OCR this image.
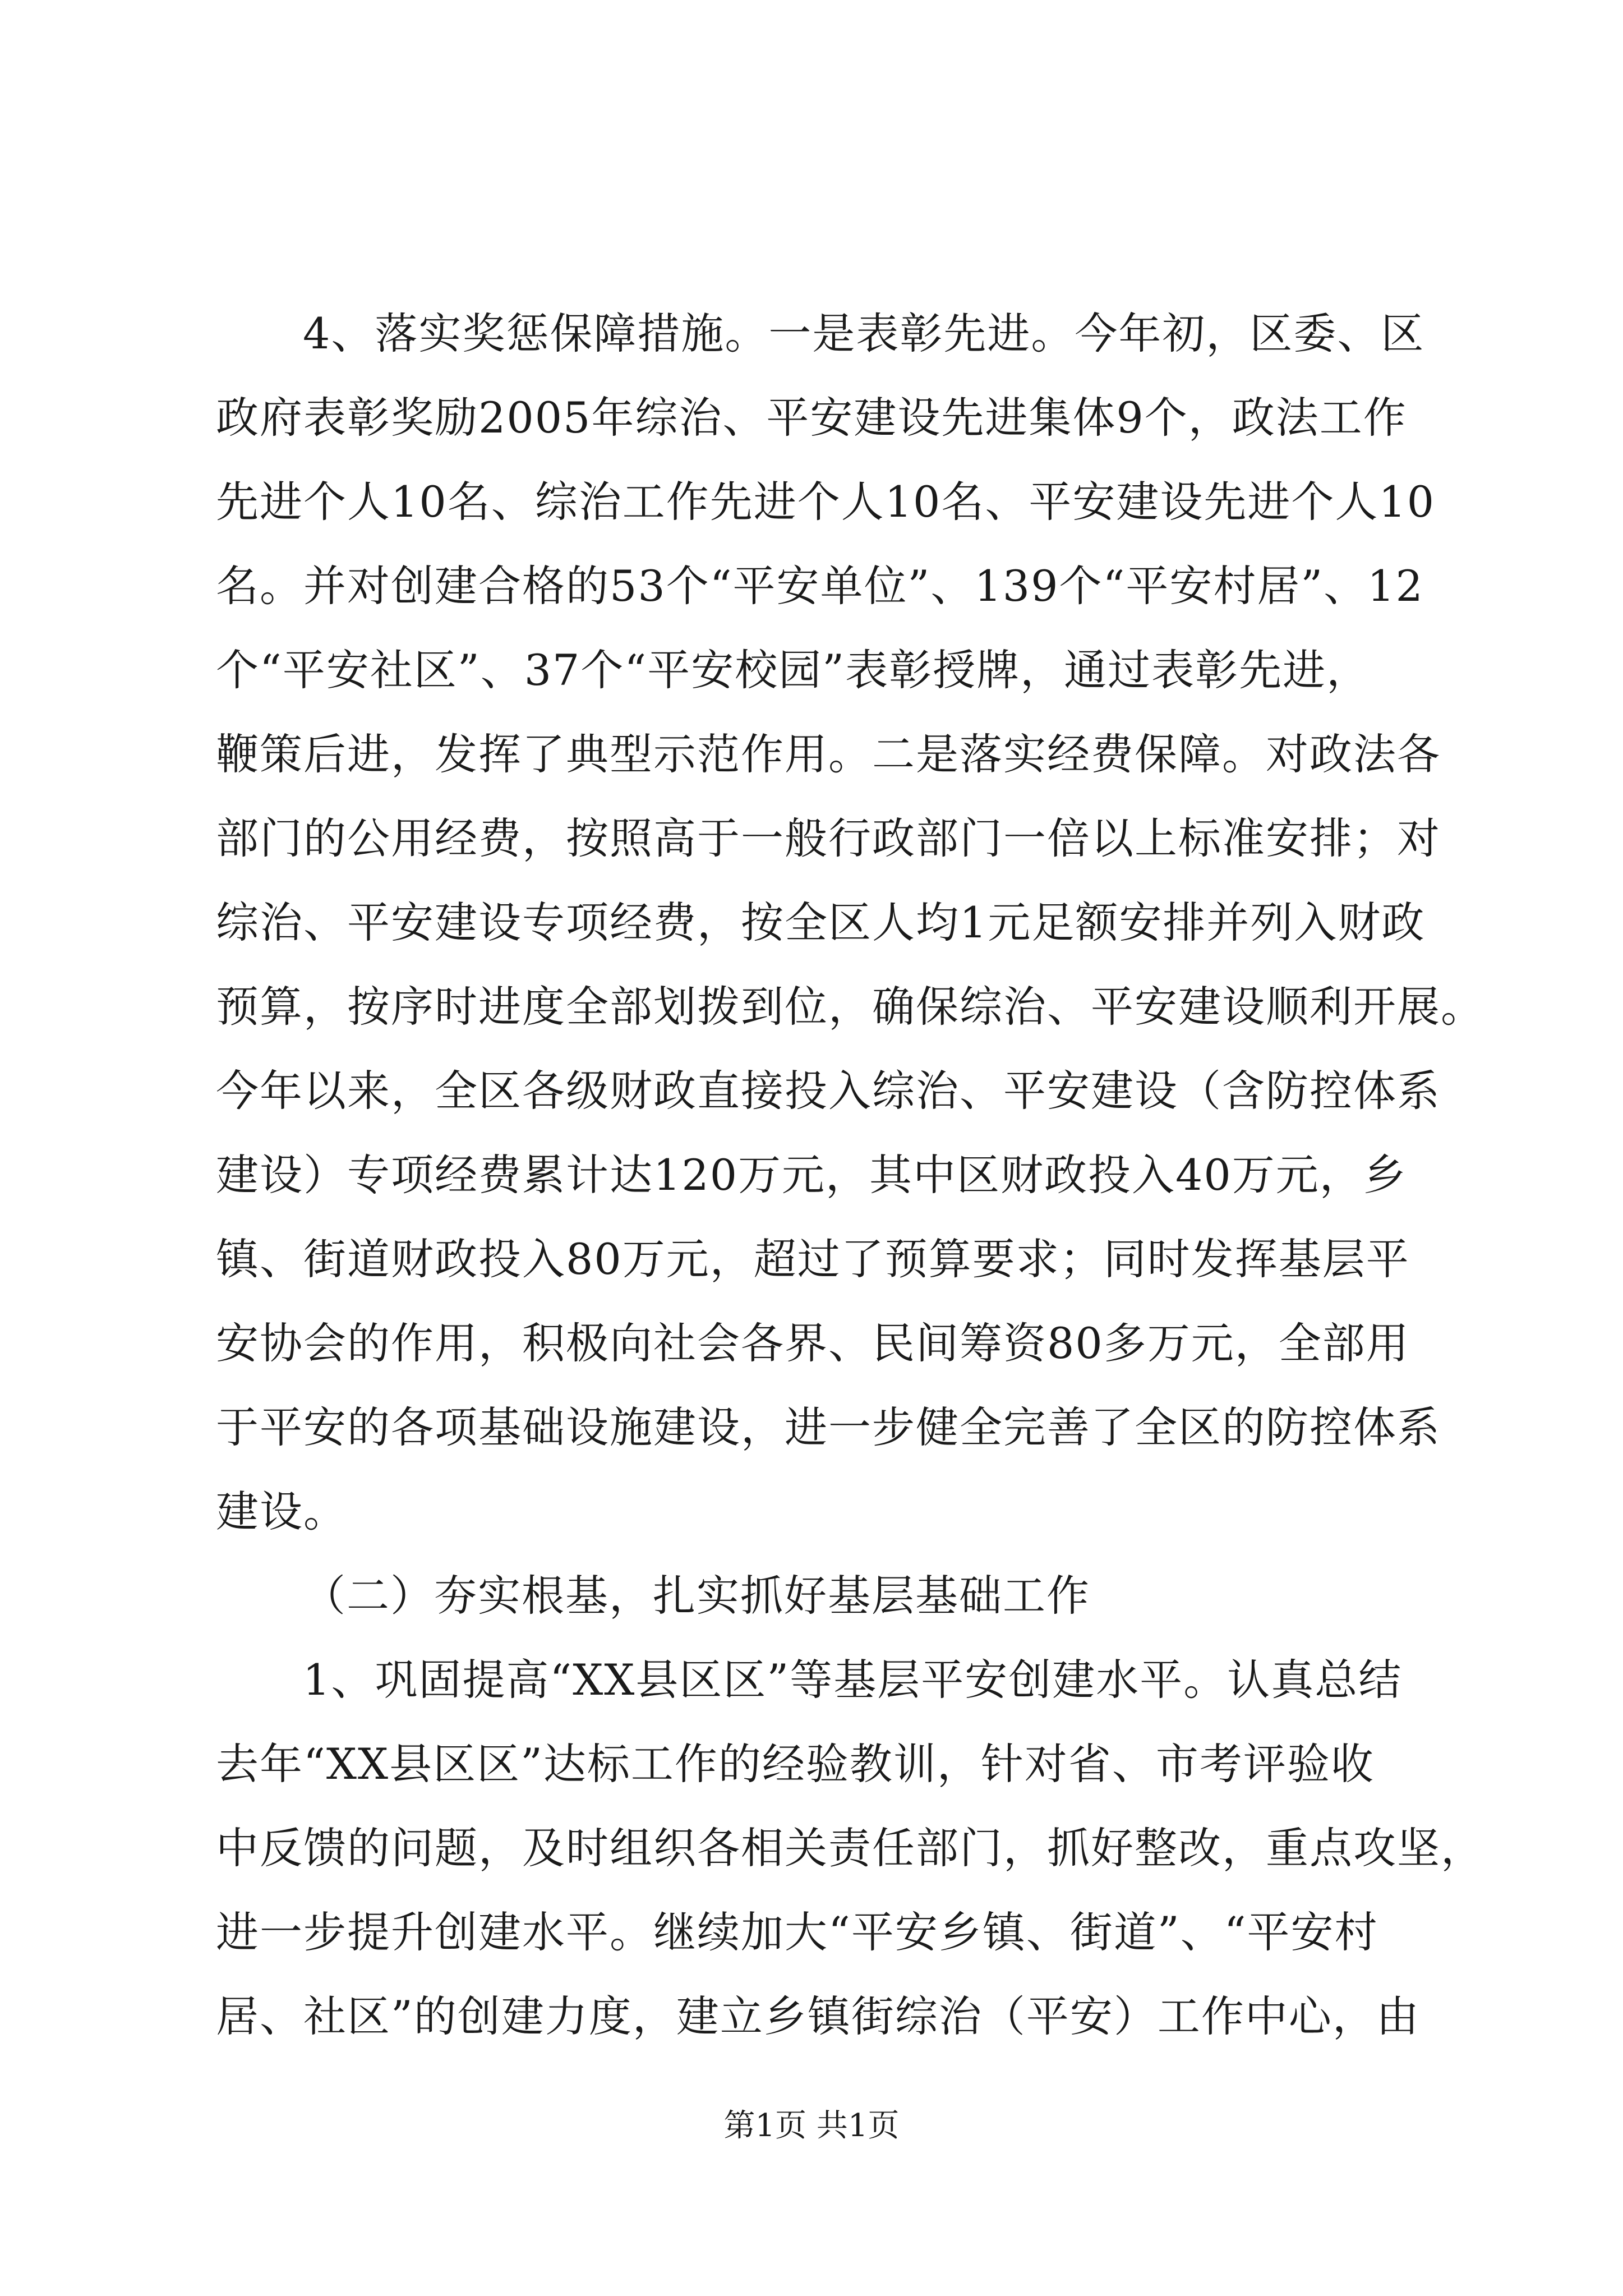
4、落实奖惩保障措施。一是表彰先进。今年初，区委、区
政府表彰奖励2005年综治、平安建设先进集体9个，政法工作
先进个人10名、综治工作先进个人10名、平安建设先进个人10
名。并对创建合格的53个“平安单位”、139个“平安村居”、12
个“平安社区”、37个“平安校园”表彰授牌，通过表彰先进，
鞭策后进，发挥了典型示范作用。二是落实经费保障。对政法各
部门的公用经费，按照高于一般行政部门一倍以上标准安排；对
综治、平安建设专项经费，按全区人均1元足额安排并列入财政
预算，按序时进度全部划拨到位，确保综治、平安建设顺利开展。
今年以来，全区各级财政直接投入综治、平安建设（含防控体系
建设）专项经费累计达120万元，其中区财政投入40万元，乡
镇、街道财政投入80万元，超过了预算要求；同时发挥基层平
安协会的作用，积极向社会各界、民间筹资80多万元，全部用
于平安的各项基础设施建设，进一步健全完善了全区的防控体系
建设。
（二）夯实根基，扎实抓好基层基础工作
1、巩固提高“XX县区区”等基层平安创建水平。认真总结
去年“XX县区区”达标工作的经验教训，针对省、市考评验收
中反馈的问题，及时组织各相关责任部门，抓好整改，重点攻坚，
进一步提升创建水平。继续加大“平安乡镇、街道”、“平安村
居、社区”的创建力度，建立乡镇街综治（平安）工作中心，由
第1页 共1页
